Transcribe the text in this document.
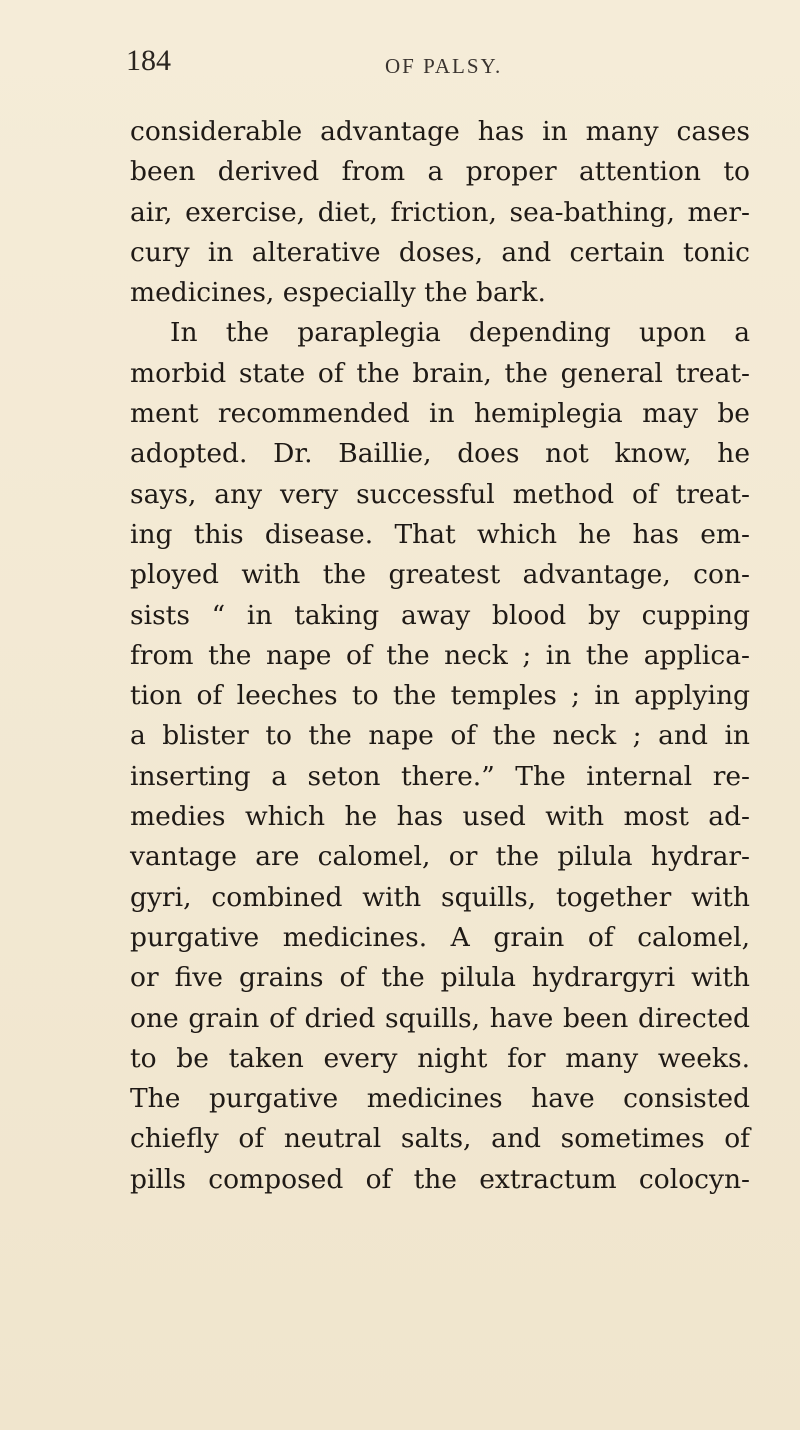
184	OF PALSY.
considerable advantage has in many cases
been derived from a proper attention to
air, exercise, diet, friction, sea-bathing, mer-
cury in alterative doses, and certain tonic
medicines, especially the bark.
In the paraplegia depending upon a
morbid state of the brain, the general treat-
ment recommended in hemiplegia may be
adopted. Dr. Baillie, does not know, he
says, any very successful method of treat-
ing this disease. That which he has em-
ployed with the greatest advantage, con-
sists “ in taking away blood by cupping
from the nape of the neck ; in the applica-
tion of leeches to the temples ; in applying
a blister to the nape of the neck ; and in
inserting a seton there.” The internal re-
medies which he has used with most ad-
vantage are calomel, or the pilula hydrar-
gyri, combined with squills, together with
purgative medicines. A grain of calomel,
or five grains of the pilula hydrargyri with
one grain of dried squills, have been directed
to be taken every night for many weeks.
The purgative medicines have consisted
chiefly of neutral salts, and sometimes of
pills composed of the extractum colocyn-
